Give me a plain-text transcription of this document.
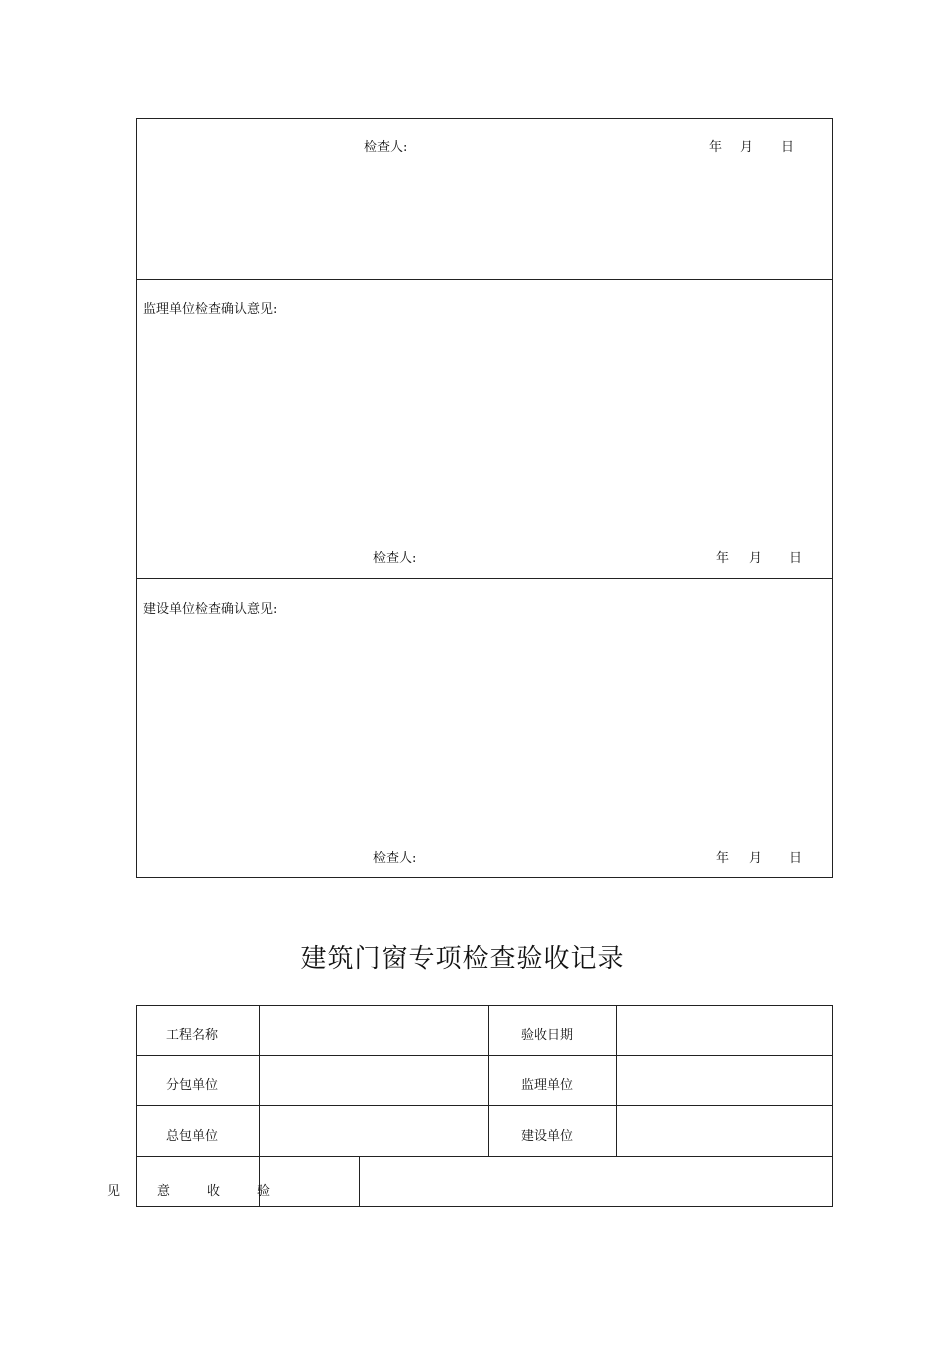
检查人:	年 月 日
监理单位检查确认意见:
检查人:	年 月 日
建设单位检查确认意见:
检查人:	年 月 日
建筑门窗专项检查验收记录
工程名称	验收日期
分包单位	监理单位
总包单位	建设单位
见	意	收	验
